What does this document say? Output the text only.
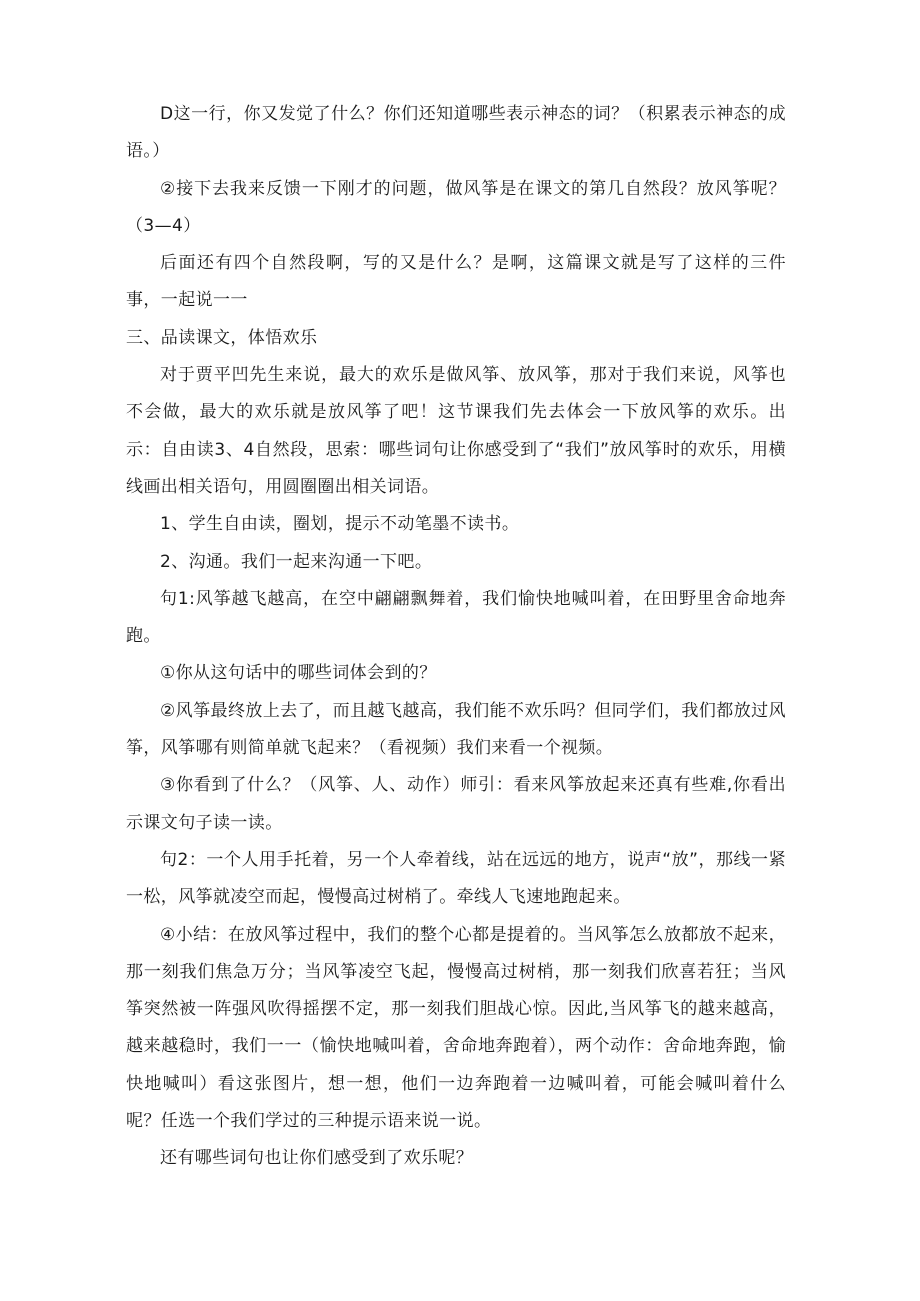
D这一行，你又发觉了什么？你们还知道哪些表示神态的词？（积累表示神态的成语。）

②接下去我来反馈一下刚才的问题，做风筝是在课文的第几自然段？放风筝呢？（3—4）

后面还有四个自然段啊，写的又是什么？是啊，这篇课文就是写了这样的三件事，一起说一一

三、品读课文，体悟欢乐

对于贾平凹先生来说，最大的欢乐是做风筝、放风筝，那对于我们来说，风筝也不会做，最大的欢乐就是放风筝了吧！这节课我们先去体会一下放风筝的欢乐。出示：自由读3、4自然段，思索：哪些词句让你感受到了“我们”放风筝时的欢乐，用横线画出相关语句，用圆圈圈出相关词语。

1、学生自由读，圈划，提示不动笔墨不读书。

2、沟通。我们一起来沟通一下吧。

句1:风筝越飞越高，在空中翩翩飘舞着，我们愉快地喊叫着，在田野里舍命地奔跑。

①你从这句话中的哪些词体会到的？

②风筝最终放上去了，而且越飞越高，我们能不欢乐吗？但同学们，我们都放过风筝，风筝哪有则简单就飞起来？（看视频）我们来看一个视频。

③你看到了什么？（风筝、人、动作）师引：看来风筝放起来还真有些难,你看出示课文句子读一读。

句2：一个人用手托着，另一个人牵着线，站在远远的地方，说声“放”，那线一紧一松，风筝就凌空而起，慢慢高过树梢了。牵线人飞速地跑起来。

④小结：在放风筝过程中，我们的整个心都是提着的。当风筝怎么放都放不起来，那一刻我们焦急万分；当风筝凌空飞起，慢慢高过树梢，那一刻我们欣喜若狂；当风筝突然被一阵强风吹得摇摆不定，那一刻我们胆战心惊。因此,当风筝飞的越来越高，越来越稳时，我们一一（愉快地喊叫着，舍命地奔跑着），两个动作：舍命地奔跑，愉快地喊叫）看这张图片，想一想，他们一边奔跑着一边喊叫着，可能会喊叫着什么呢？任选一个我们学过的三种提示语来说一说。

还有哪些词句也让你们感受到了欢乐呢？
